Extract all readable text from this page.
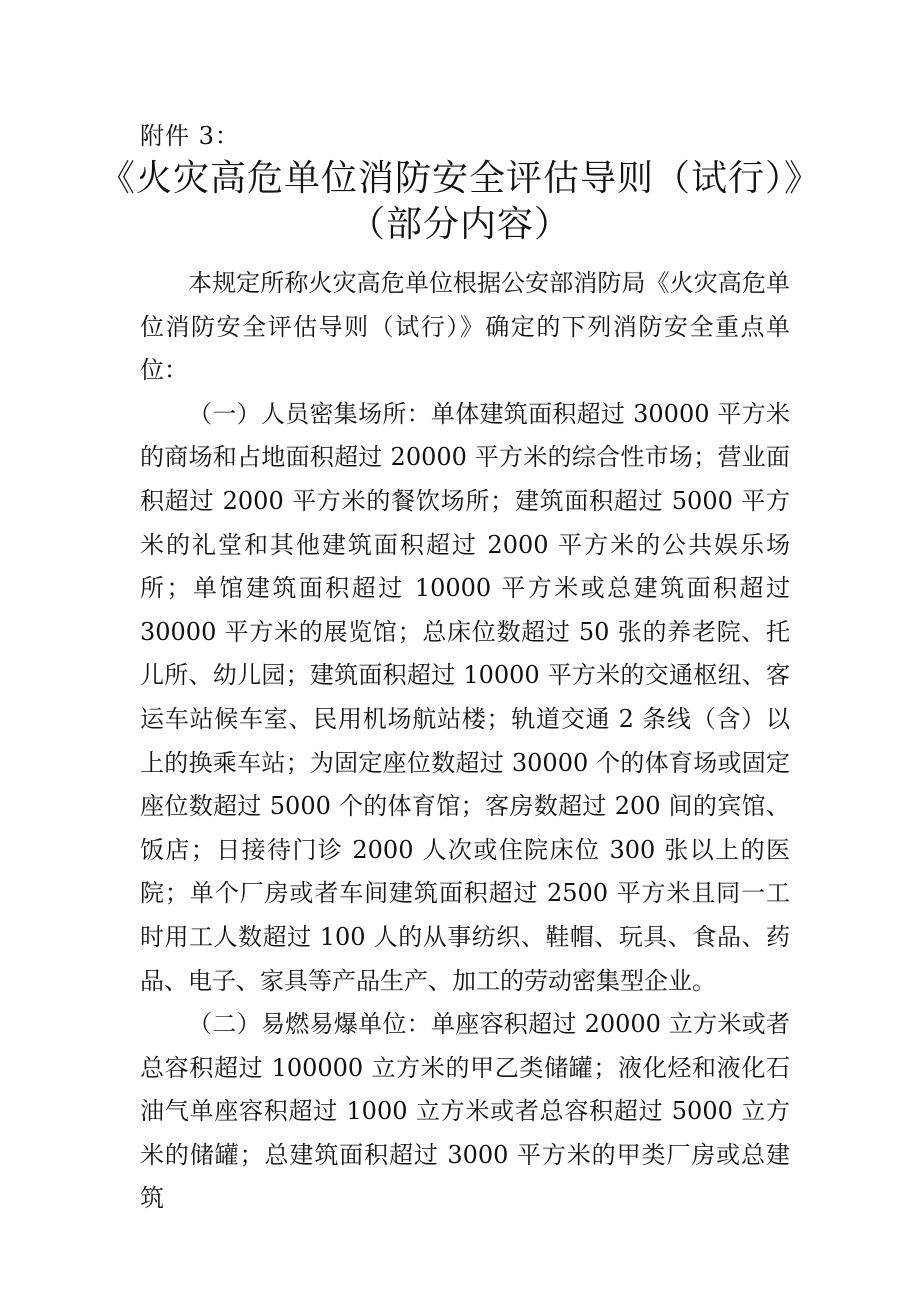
附件 3：
《火灾高危单位消防安全评估导则（试行）》
（部分内容）

本规定所称火灾高危单位根据公安部消防局《火灾高危单位消防安全评估导则（试行）》确定的下列消防安全重点单位：

（一）人员密集场所：单体建筑面积超过 30000 平方米的商场和占地面积超过 20000 平方米的综合性市场；营业面积超过 2000 平方米的餐饮场所；建筑面积超过 5000 平方米的礼堂和其他建筑面积超过 2000 平方米的公共娱乐场所；单馆建筑面积超过 10000 平方米或总建筑面积超过 30000 平方米的展览馆；总床位数超过 50 张的养老院、托儿所、幼儿园；建筑面积超过 10000 平方米的交通枢纽、客运车站候车室、民用机场航站楼；轨道交通 2 条线（含）以上的换乘车站；为固定座位数超过 30000 个的体育场或固定座位数超过 5000 个的体育馆；客房数超过 200 间的宾馆、饭店；日接待门诊 2000 人次或住院床位 300 张以上的医院；单个厂房或者车间建筑面积超过 2500 平方米且同一工时用工人数超过 100 人的从事纺织、鞋帽、玩具、食品、药品、电子、家具等产品生产、加工的劳动密集型企业。

（二）易燃易爆单位：单座容积超过 20000 立方米或者总容积超过 100000 立方米的甲乙类储罐；液化烃和液化石油气单座容积超过 1000 立方米或者总容积超过 5000 立方米的储罐；总建筑面积超过 3000 平方米的甲类厂房或总建筑
